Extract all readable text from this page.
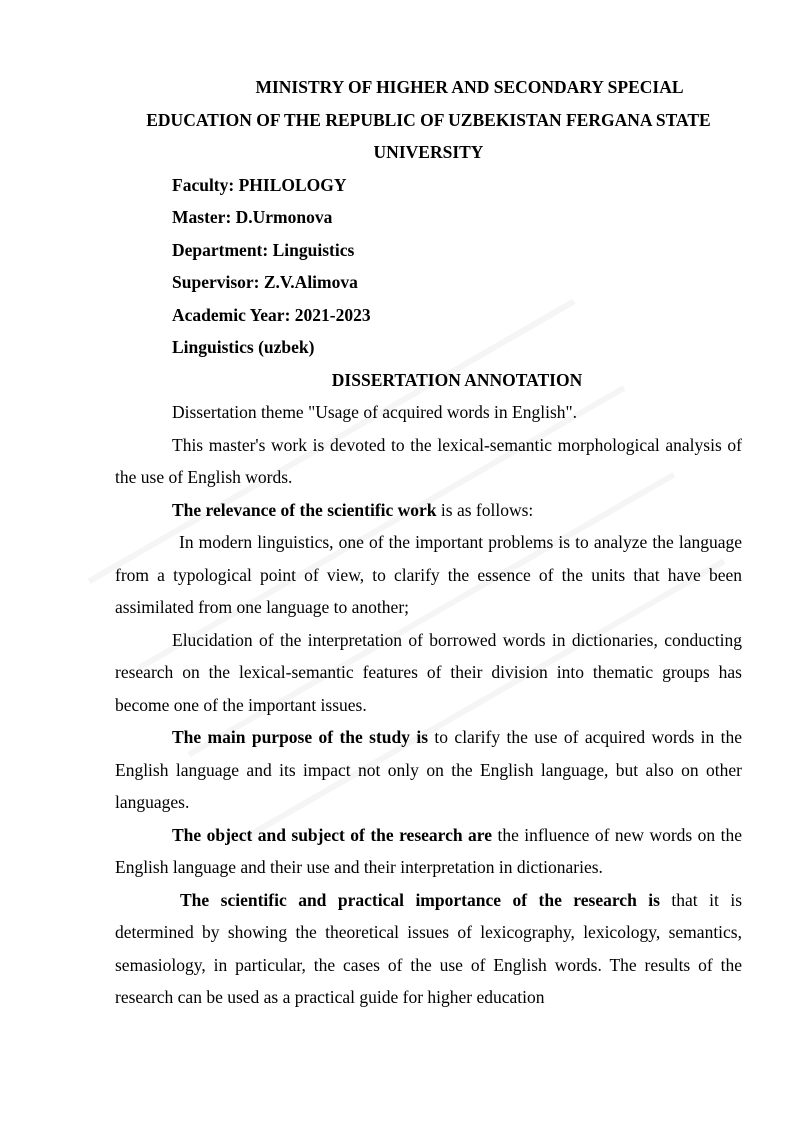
MINISTRY OF HIGHER AND SECONDARY SPECIAL
EDUCATION OF THE REPUBLIC OF UZBEKISTAN FERGANA STATE
UNIVERSITY

Faculty: PHILOLOGY
Master: D.Urmonova
Department: Linguistics
Supervisor: Z.V.Alimova
Academic Year: 2021-2023
Linguistics (uzbek)

DISSERTATION ANNOTATION

Dissertation theme "Usage of acquired words in English".

This master's work is devoted to the lexical-semantic morphological analysis of the use of English words.

The relevance of the scientific work is as follows:

In modern linguistics, one of the important problems is to analyze the language from a typological point of view, to clarify the essence of the units that have been assimilated from one language to another;

Elucidation of the interpretation of borrowed words in dictionaries, conducting research on the lexical-semantic features of their division into thematic groups has become one of the important issues.

The main purpose of the study is to clarify the use of acquired words in the English language and its impact not only on the English language, but also on other languages.

The object and subject of the research are the influence of new words on the English language and their use and their interpretation in dictionaries.

The scientific and practical importance of the research is that it is determined by showing the theoretical issues of lexicography, lexicology, semantics, semasiology, in particular, the cases of the use of English words. The results of the research can be used as a practical guide for higher education
